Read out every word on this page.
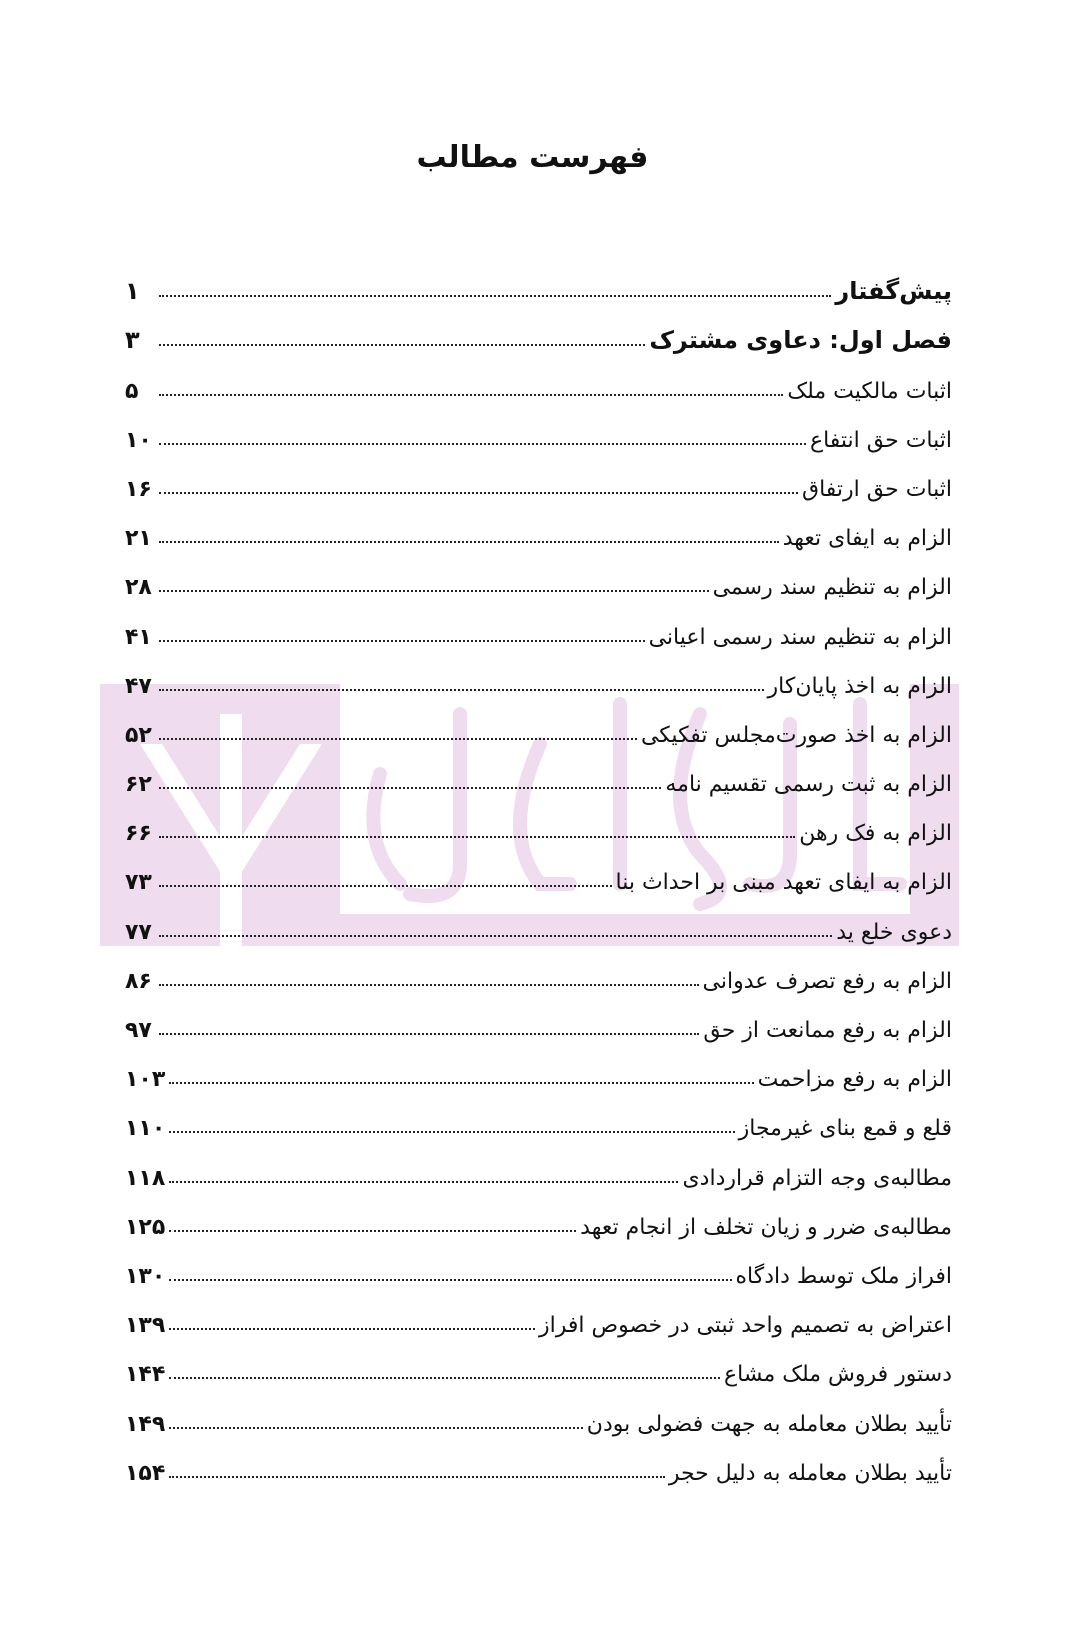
فهرست مطالب
پیش‌گفتار
۱
فصل اول: دعاوی مشترک
۳
اثبات مالکیت ملک
۵
اثبات حق انتفاع
۱۰
اثبات حق ارتفاق
۱۶
الزام به ایفای تعهد
۲۱
الزام به تنظیم سند رسمی
۲۸
الزام به تنظیم سند رسمی اعیانی
۴۱
الزام به اخذ پایان‌کار
۴۷
الزام به اخذ صورت‌مجلس تفکیکی
۵۲
الزام به ثبت رسمی تقسیم نامه
۶۲
الزام به فک رهن
۶۶
الزام به ایفای تعهد مبنی بر احداث بنا
۷۳
دعوی خلع ید
۷۷
الزام به رفع تصرف عدوانی
۸۶
الزام به رفع ممانعت از حق
۹۷
الزام به رفع مزاحمت
۱۰۳
قلع و قمع بنای غیرمجاز
۱۱۰
مطالبه‌ی وجه التزام قراردادی
۱۱۸
مطالبه‌ی ضرر و زیان تخلف از انجام تعهد
۱۲۵
افراز ملک توسط دادگاه
۱۳۰
اعتراض به تصمیم واحد ثبتی در خصوص افراز
۱۳۹
دستور فروش ملک مشاع
۱۴۴
تأیید بطلان معامله به جهت فضولی بودن
۱۴۹
تأیید بطلان معامله به دلیل حجر
۱۵۴
